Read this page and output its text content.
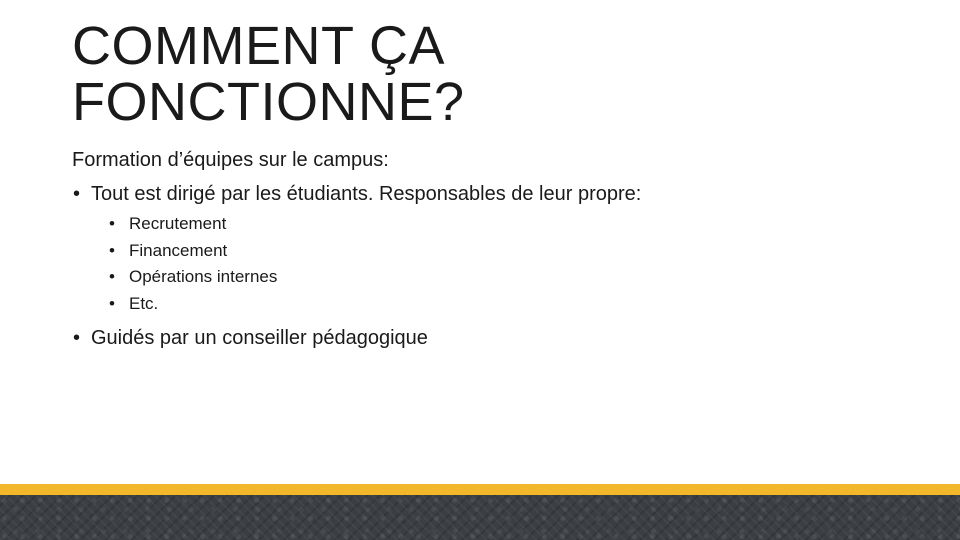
COMMENT ÇA
FONCTIONNE?

Formation d’équipes sur le campus:

• Tout est dirigé par les étudiants. Responsables de leur propre:
• Recrutement
• Financement
• Opérations internes
• Etc.
• Guidés par un conseiller pédagogique
